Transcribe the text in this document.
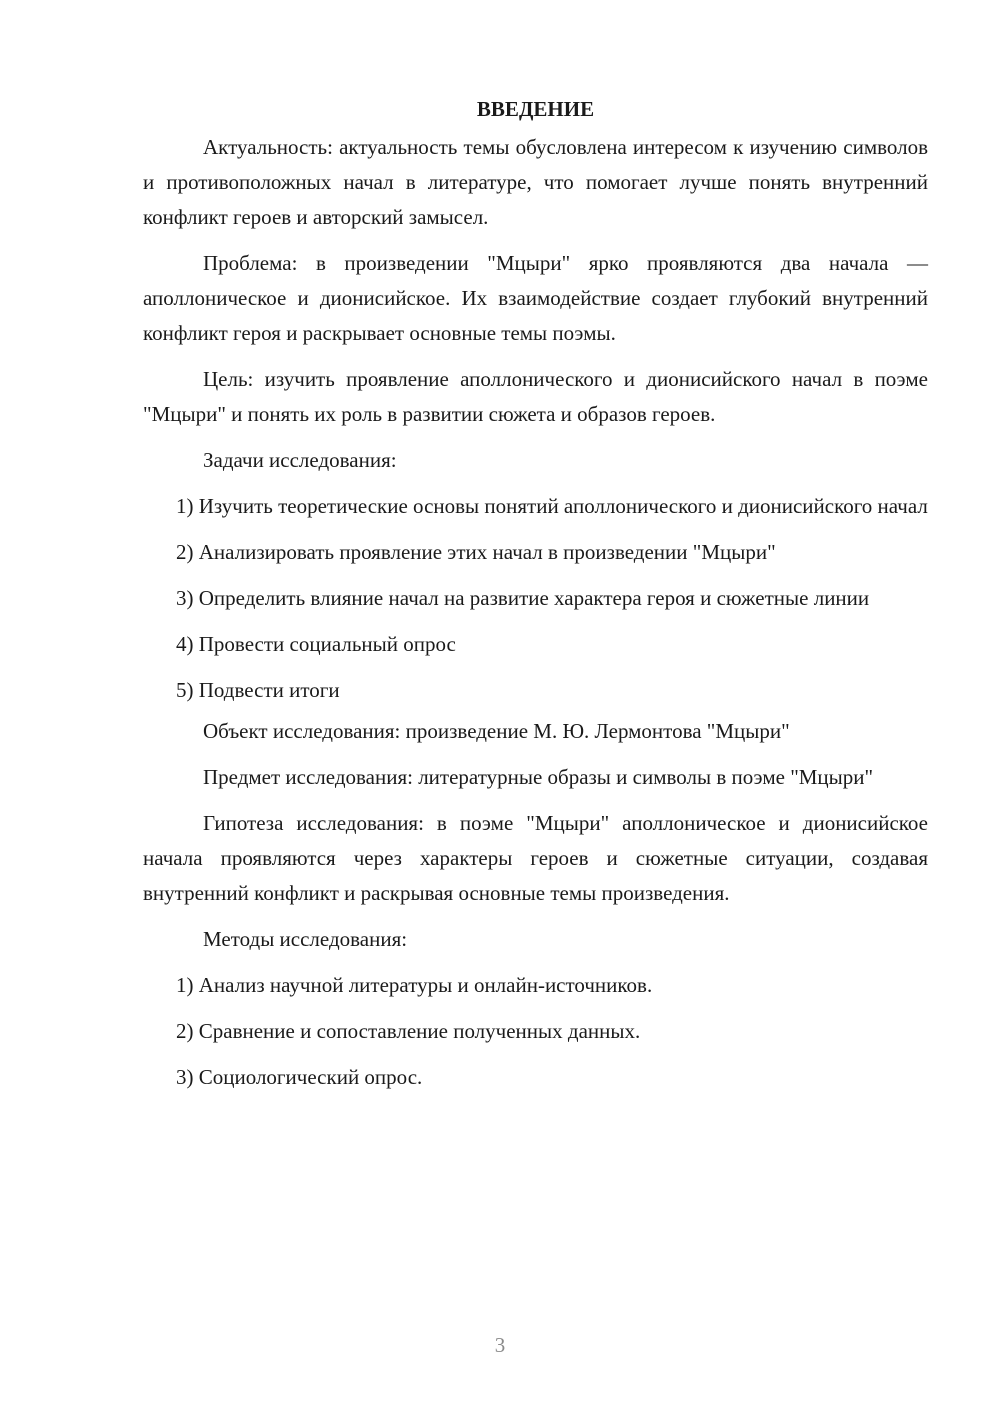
ВВЕДЕНИЕ

Актуальность: актуальность темы обусловлена интересом к изучению символов и противоположных начал в литературе, что помогает лучше понять внутренний конфликт героев и авторский замысел.

Проблема: в произведении "Мцыри" ярко проявляются два начала — аполлоническое и дионисийское. Их взаимодействие создает глубокий внутренний конфликт героя и раскрывает основные темы поэмы.

Цель: изучить проявление аполлонического и дионисийского начал в поэме "Мцыри" и понять их роль в развитии сюжета и образов героев.

Задачи исследования:

1) Изучить теоретические основы понятий аполлонического и дионисийского начал

2) Анализировать проявление этих начал в произведении "Мцыри"

3) Определить влияние начал на развитие характера героя и сюжетные линии

4) Провести социальный опрос

5) Подвести итоги

Объект исследования: произведение М. Ю. Лермонтова "Мцыри"

Предмет исследования: литературные образы и символы в поэме "Мцыри"

Гипотеза исследования: в поэме "Мцыри" аполлоническое и дионисийское начала проявляются через характеры героев и сюжетные ситуации, создавая внутренний конфликт и раскрывая основные темы произведения.

Методы исследования:

1) Анализ научной литературы и онлайн-источников.

2) Сравнение и сопоставление полученных данных.

3) Социологический опрос.

3
